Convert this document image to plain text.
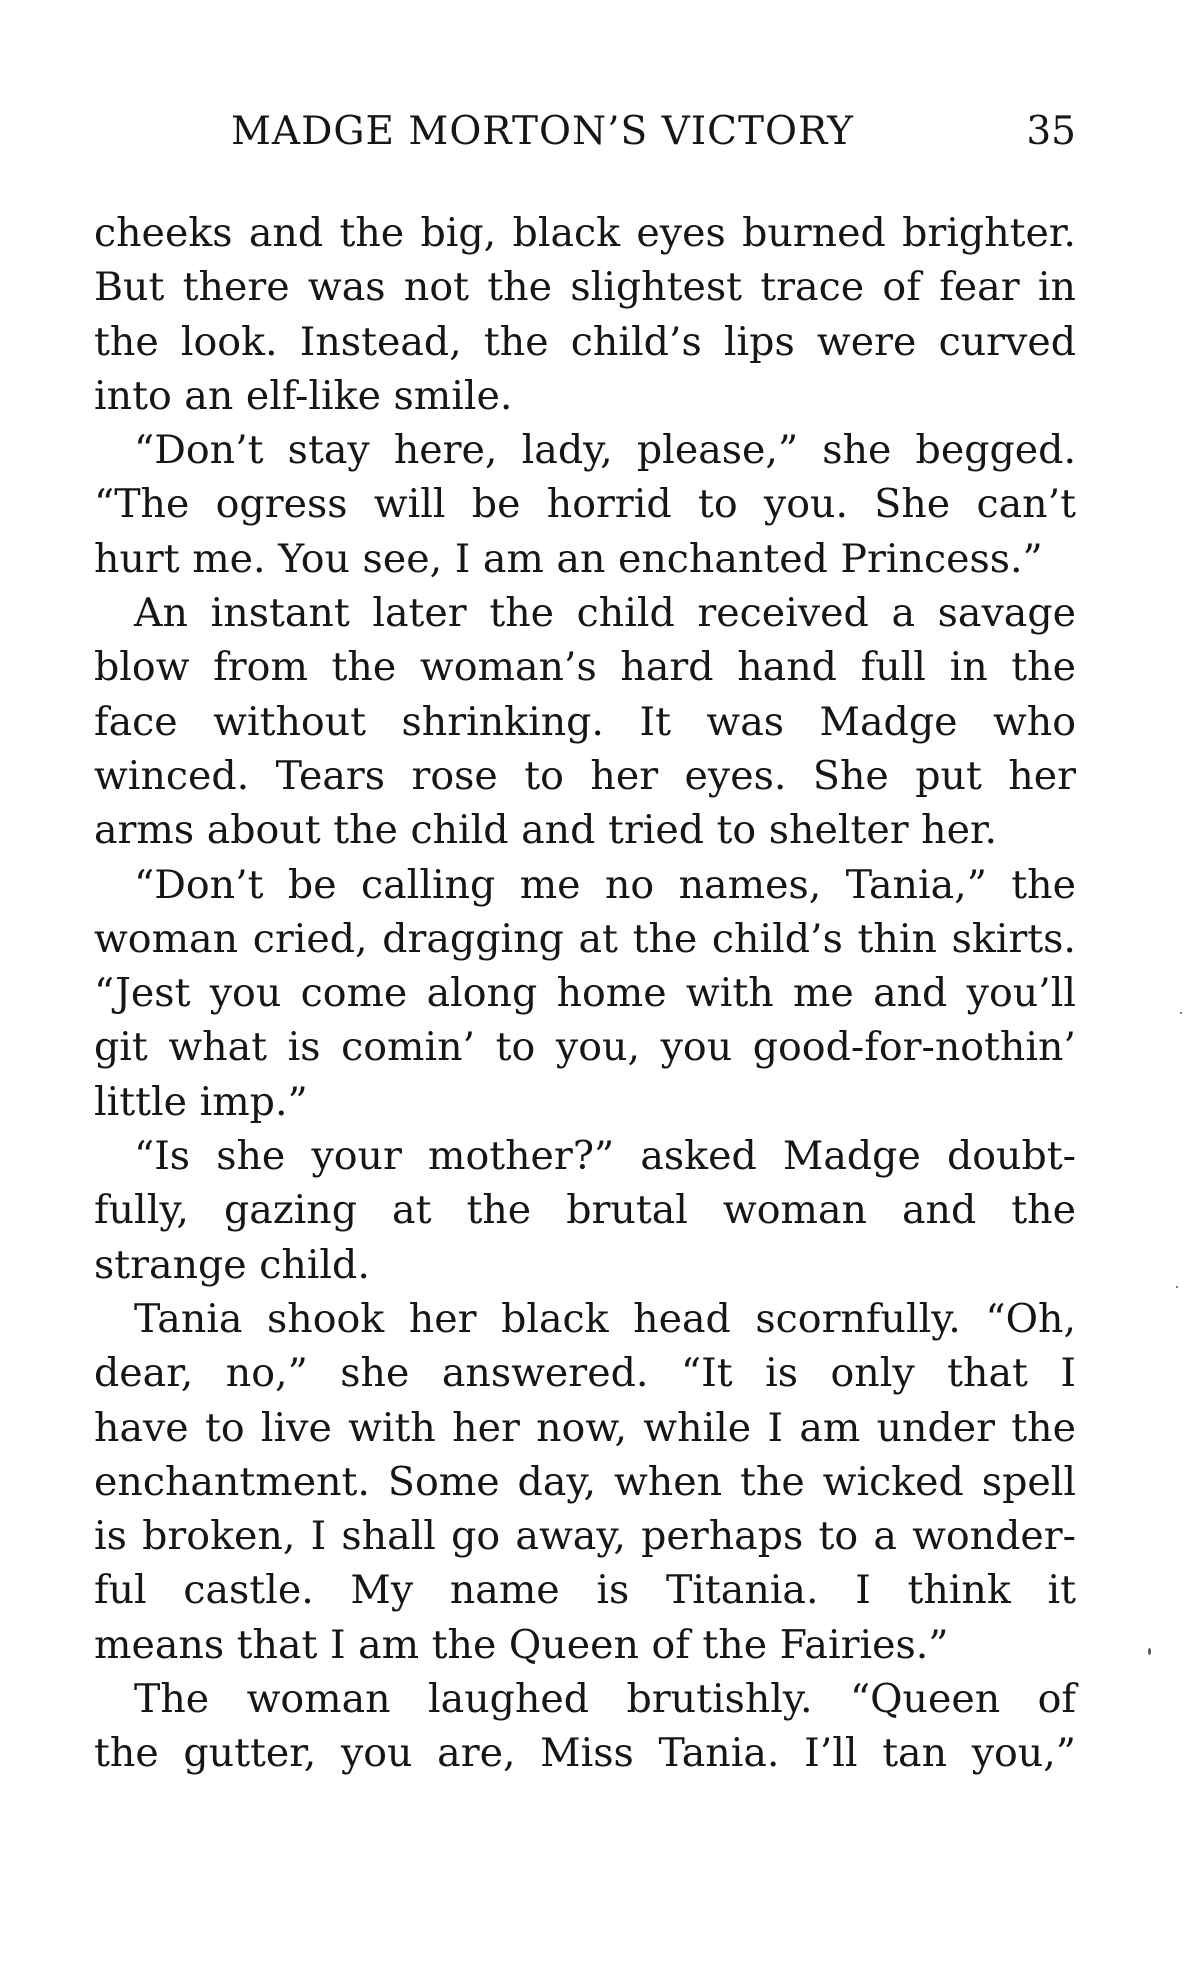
MADGE MORTON’S VICTORY	35
cheeks and the big, black eyes burned brighter.
But there was not the slightest trace of fear in
the look. Instead, the child’s lips were curved
into an elf-like smile.
“Don’t stay here, lady, please,” she begged.
“The ogress will be horrid to you. She can’t
hurt me. You see, I am an enchanted Princess.”
An instant later the child received a savage
blow from the woman’s hard hand full in the
face without shrinking. It was Madge who
winced. Tears rose to her eyes. She put her
arms about the child and tried to shelter her.
“Don’t be calling me no names, Tania,” the
woman cried, dragging at the child’s thin skirts.
“Jest you come along home with me and you’ll
git what is comin’ to you, you good-for-nothin’
little imp.”
“Is she your mother?” asked Madge doubt-
fully, gazing at the brutal woman and the
strange child.
Tania shook her black head scornfully. “Oh,
dear, no,” she answered. “It is only that I
have to live with her now, while I am under the
enchantment. Some day, when the wicked spell
is broken, I shall go away, perhaps to a wonder-
ful castle. My name is Titania. I think it
means that I am the Queen of the Fairies.”
The woman laughed brutishly. “Queen of
the gutter, you are, Miss Tania. I’ll tan you,”
